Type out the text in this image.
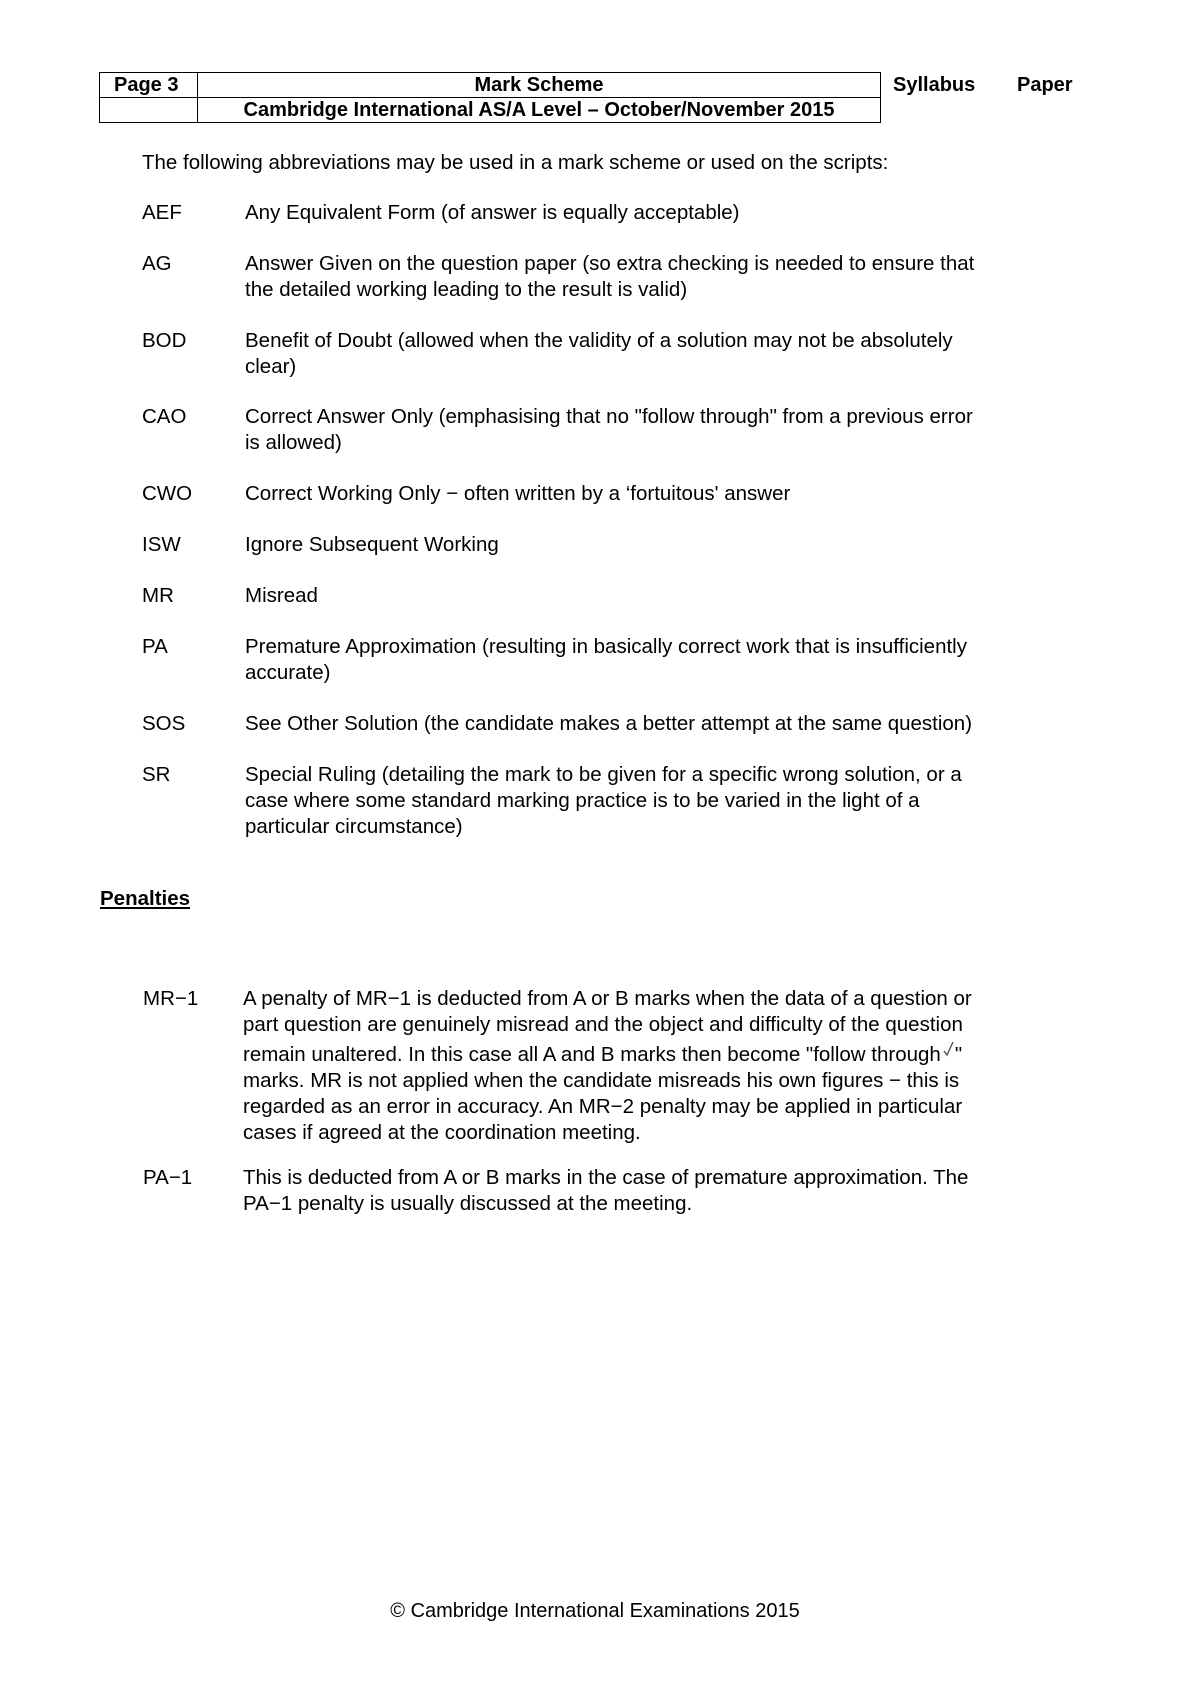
Page 3	Mark Scheme
	Cambridge International AS/A Level – October/November 2015
Syllabus Paper
The following abbreviations may be used in a mark scheme or used on the scripts:
AEF	Any Equivalent Form (of answer is equally acceptable)
AG	Answer Given on the question paper (so extra checking is needed to ensure that
the detailed working leading to the result is valid)
BOD	Benefit of Doubt (allowed when the validity of a solution may not be absolutely
clear)
CAO	Correct Answer Only (emphasising that no "follow through" from a previous error
is allowed)
CWO	Correct Working Only − often written by a ‘fortuitous' answer
ISW	Ignore Subsequent Working
MR	Misread
PA	Premature Approximation (resulting in basically correct work that is insufficiently
accurate)
SOS	See Other Solution (the candidate makes a better attempt at the same question)
SR	Special Ruling (detailing the mark to be given for a specific wrong solution, or a
case where some standard marking practice is to be varied in the light of a
particular circumstance)
Penalties
MR−1 A penalty of MR−1 is deducted from A or B marks when the data of a question or
part question are genuinely misread and the object and difficulty of the question
remain unaltered. In this case all A and B marks then become "follow through "
marks. MR is not applied when the candidate misreads his own figures − this is
regarded as an error in accuracy. An MR−2 penalty may be applied in particular
cases if agreed at the coordination meeting.
PA−1 This is deducted from A or B marks in the case of premature approximation. The
PA−1 penalty is usually discussed at the meeting.
© Cambridge International Examinations 2015
